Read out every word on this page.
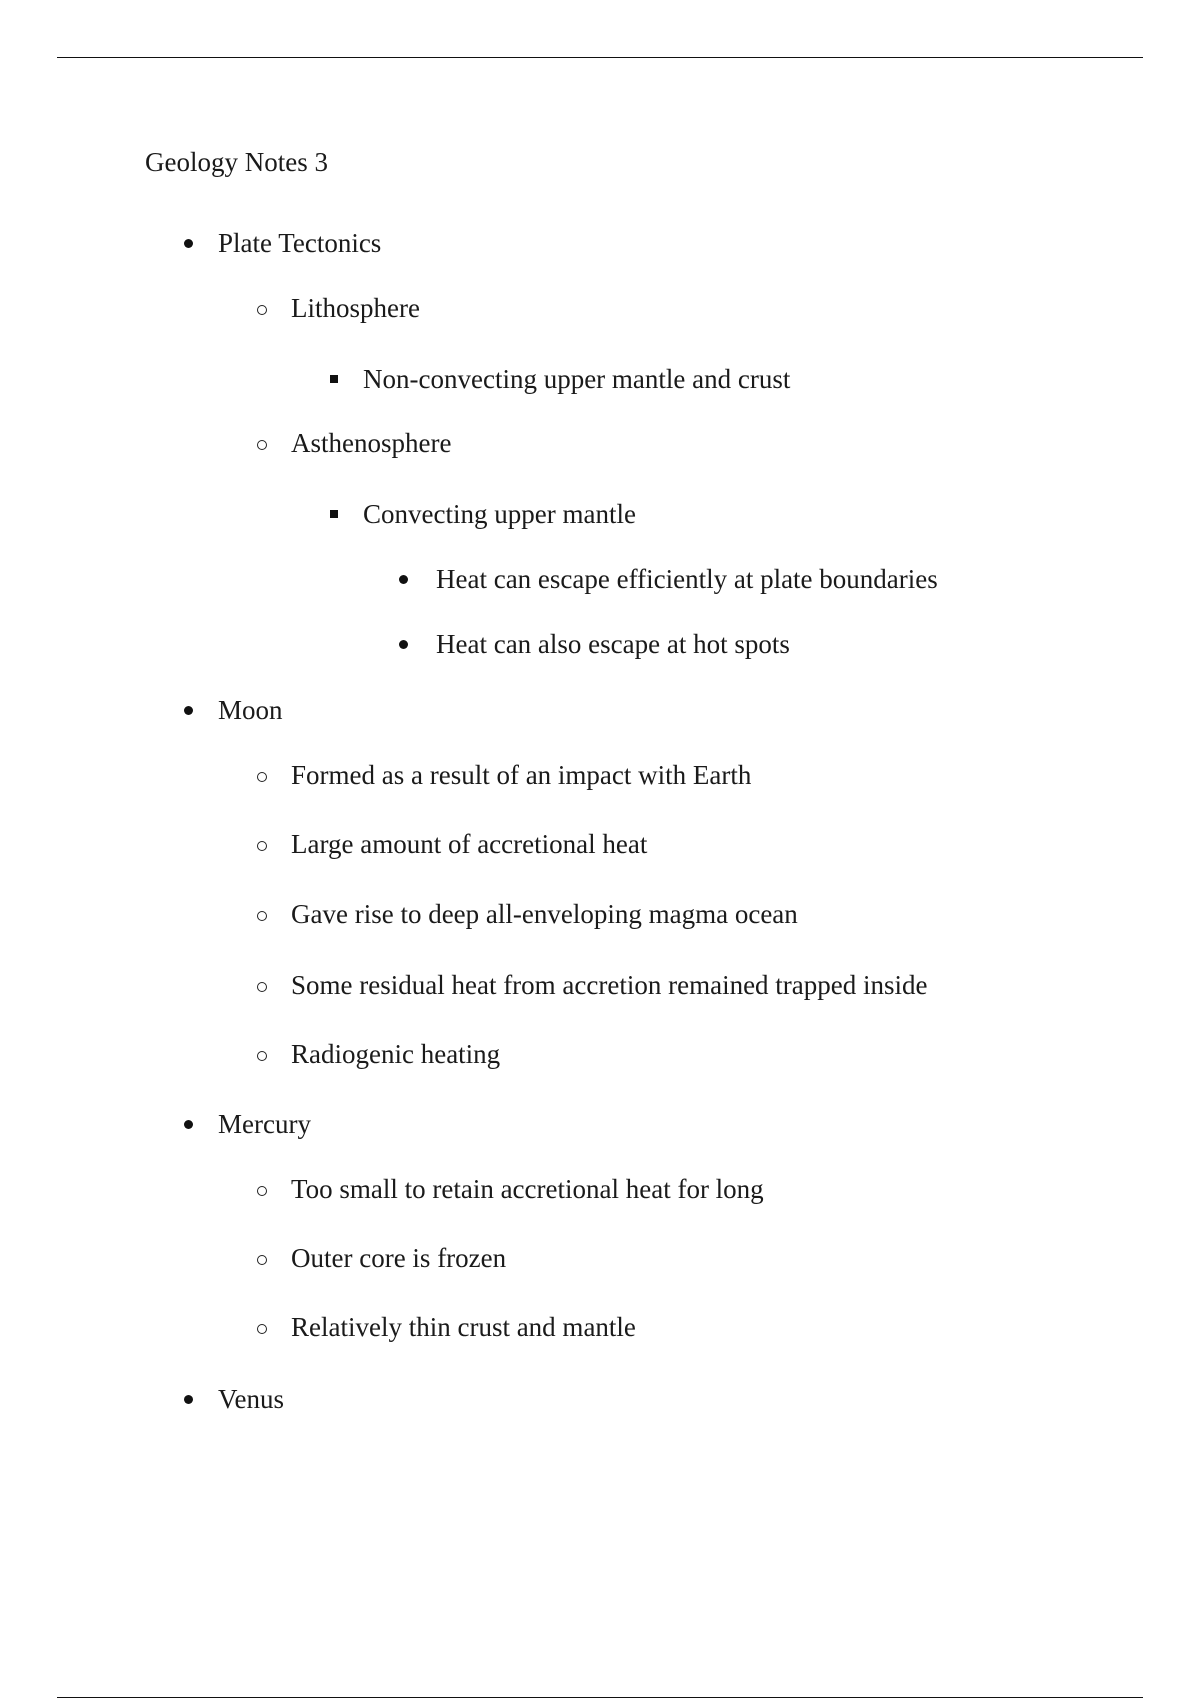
Geology Notes 3
Plate Tectonics
Lithosphere
Non-convecting upper mantle and crust
Asthenosphere
Convecting upper mantle
Heat can escape efficiently at plate boundaries
Heat can also escape at hot spots
Moon
Formed as a result of an impact with Earth
Large amount of accretional heat
Gave rise to deep all-enveloping magma ocean
Some residual heat from accretion remained trapped inside
Radiogenic heating
Mercury
Too small to retain accretional heat for long
Outer core is frozen
Relatively thin crust and mantle
Venus
